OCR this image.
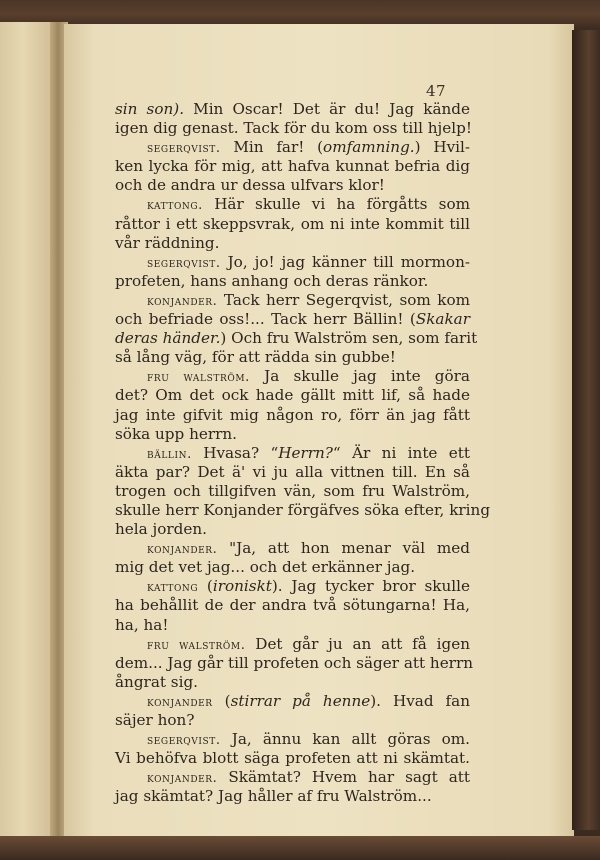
47
sin son). Min Oscar! Det är du! Jag kände
igen dig genast. Tack för du kom oss till hjelp!
segerqvist. Min far! (omfamning.) Hvil-
ken lycka för mig, att hafva kunnat befria dig
och de andra ur dessa ulfvars klor!
kattong. Här skulle vi ha förgåtts som
råttor i ett skeppsvrak, om ni inte kommit till
vår räddning.
segerqvist. Jo, jo! jag känner till mormon-
profeten, hans anhang och deras ränkor.
konjander. Tack herr Segerqvist, som kom
och befriade oss!... Tack herr Bällin! (Skakar
deras händer.) Och fru Walström sen, som farit
så lång väg, för att rädda sin gubbe!
fru walström. Ja skulle jag inte göra
det? Om det ock hade gällt mitt lif, så hade
jag inte gifvit mig någon ro, förr än jag fått
söka upp herrn.
bällin. Hvasa? “Herrn?“ Är ni inte ett
äkta par? Det ä' vi ju alla vittnen till. En så
trogen och tillgifven vän, som fru Walström,
skulle herr Konjander förgäfves söka efter, kring
hela jorden.
konjander. "Ja, att hon menar väl med
mig det vet jag... och det erkänner jag.
kattong (ironiskt). Jag tycker bror skulle
ha behållit de der andra två sötungarna! Ha,
ha, ha!
fru walström. Det går ju an att få igen
dem... Jag går till profeten och säger att herrn
ångrat sig.
konjander (stirrar på henne). Hvad fan
säjer hon?
segerqvist. Ja, ännu kan allt göras om.
Vi behöfva blott säga profeten att ni skämtat.
konjander. Skämtat? Hvem har sagt att
jag skämtat? Jag håller af fru Walström...
